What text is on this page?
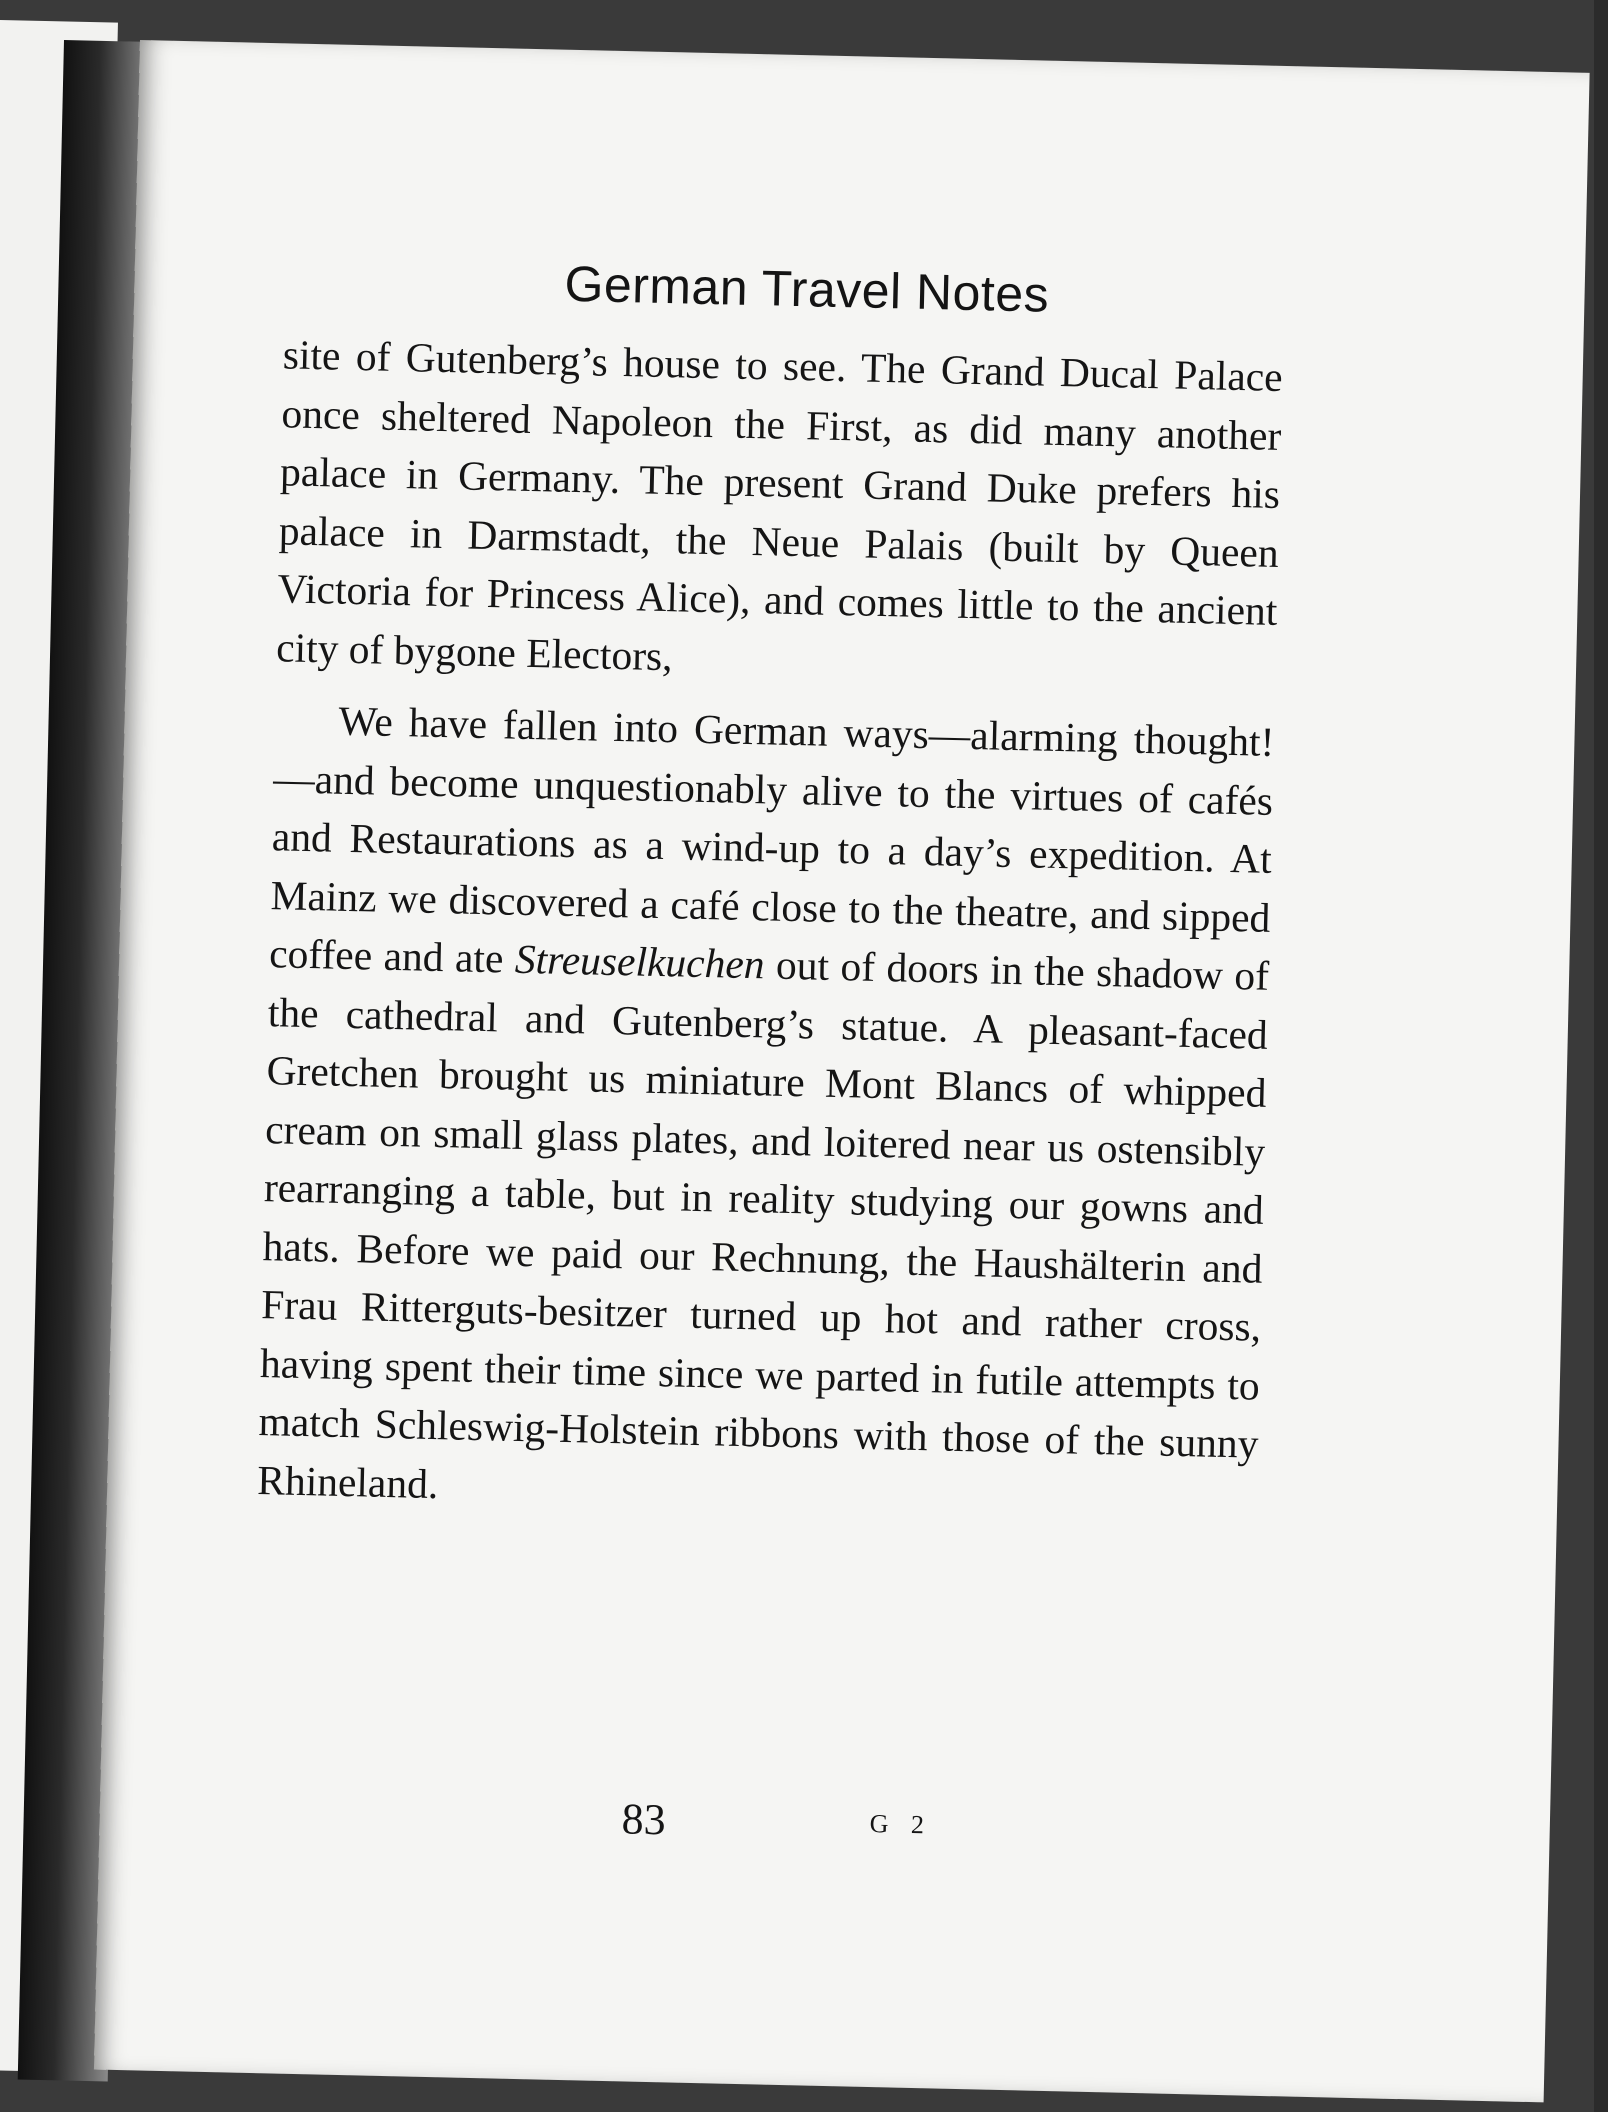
German Travel Notes

site of Gutenberg’s house to see. The Grand Ducal Palace once sheltered Napoleon the First, as did many another palace in Germany. The present Grand Duke prefers his palace in Darmstadt, the Neue Palais (built by Queen Victoria for Princess Alice), and comes little to the ancient city of bygone Electors,

We have fallen into German ways—alarming thought!—and become unquestionably alive to the virtues of cafés and Restaurations as a wind-up to a day’s expedition. At Mainz we discovered a café close to the theatre, and sipped coffee and ate Streuselkuchen out of doors in the shadow of the cathedral and Gutenberg’s statue. A pleasant-faced Gretchen brought us miniature Mont Blancs of whipped cream on small glass plates, and loitered near us ostensibly rearranging a table, but in reality studying our gowns and hats. Before we paid our Rechnung, the Haushälterin and Frau Ritterguts-besitzer turned up hot and rather cross, having spent their time since we parted in futile attempts to match Schleswig-Holstein ribbons with those of the sunny Rhineland.

83	G 2
